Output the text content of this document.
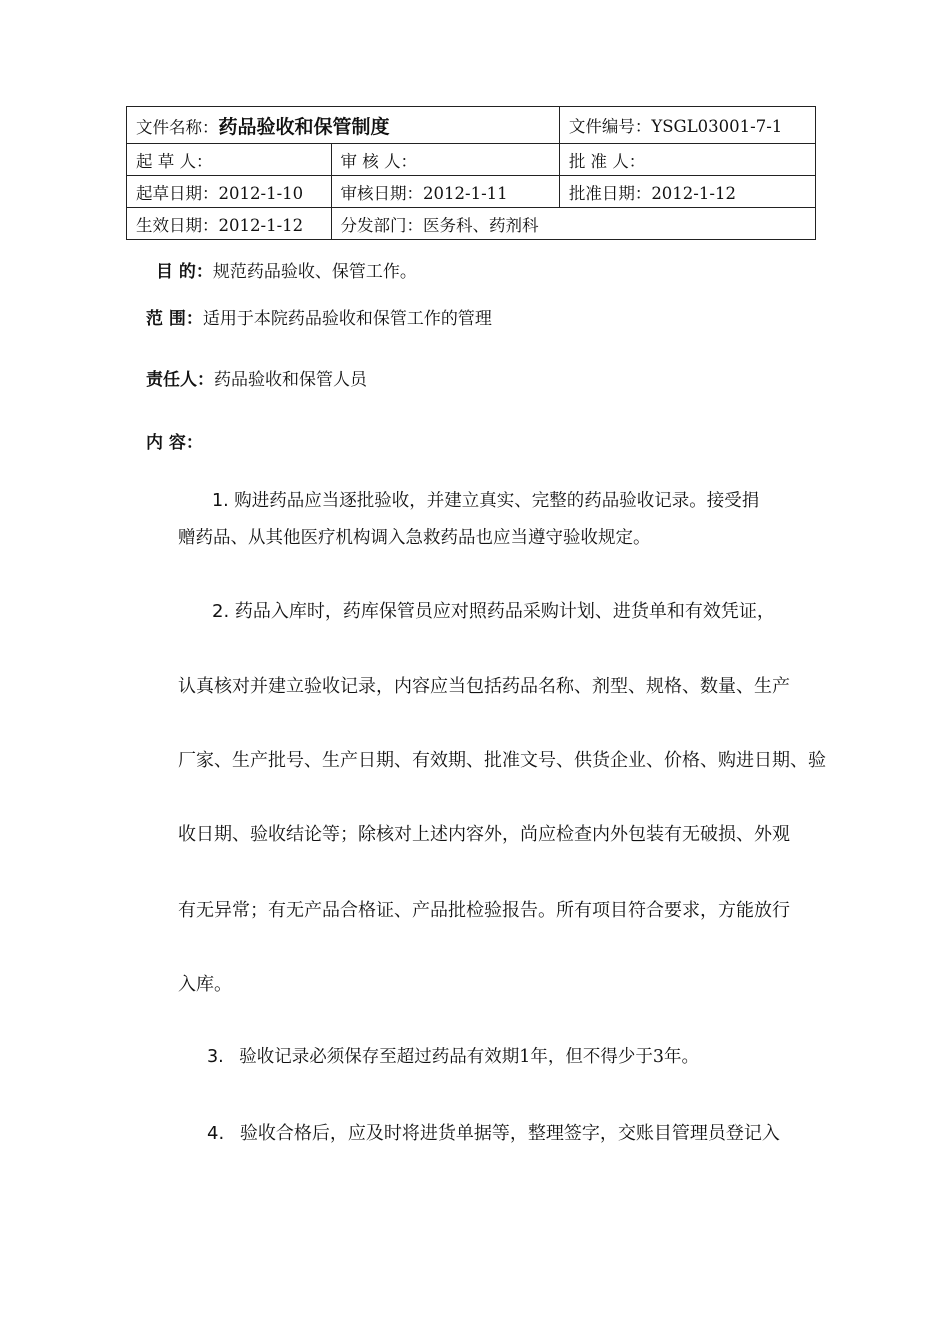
文件名称：药品验收和保管制度		文件编号：YSGL03001-7-1
起 草 人：	审 核 人：	批 准 人：
起草日期：2012-1-10	审核日期：2012-1-11	批准日期：2012-1-12
生效日期：2012-1-12	分发部门：医务科、药剂科	
目 的：规范药品验收、保管工作。
范 围：适用于本院药品验收和保管工作的管理
责任人：药品验收和保管人员
内 容：
1. 购进药品应当逐批验收，并建立真实、完整的药品验收记录。接受捐
赠药品、从其他医疗机构调入急救药品也应当遵守验收规定。
2. 药品入库时，药库保管员应对照药品采购计划、进货单和有效凭证，
认真核对并建立验收记录，内容应当包括药品名称、剂型、规格、数量、生产
厂家、生产批号、生产日期、有效期、批准文号、供货企业、价格、购进日期、验
收日期、验收结论等；除核对上述内容外，尚应检查内外包装有无破损、外观
有无异常；有无产品合格证、产品批检验报告。所有项目符合要求，方能放行
入库。
3. 验收记录必须保存至超过药品有效期1年，但不得少于3年。
4. 验收合格后，应及时将进货单据等，整理签字，交账目管理员登记入
